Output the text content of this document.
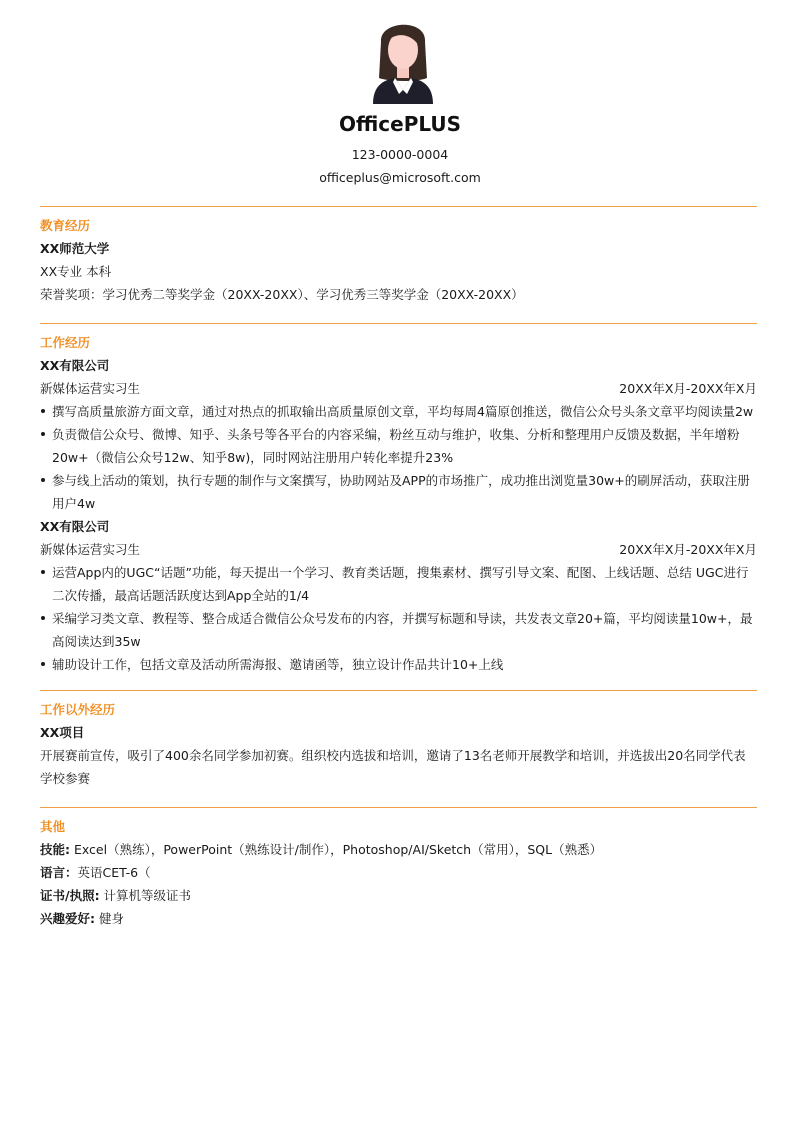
OfficePLUS
123-0000-0004
officeplus@microsoft.com
教育经历
XX师范大学
XX专业 本科
荣誉奖项：学习优秀二等奖学金（20XX-20XX）、学习优秀三等奖学金（20XX-20XX）
工作经历
XX有限公司
新媒体运营实习生	20XX年X月-20XX年X月
撰写高质量旅游方面文章，通过对热点的抓取输出高质量原创文章，平均每周4篇原创推送，微信公众号头条文章平均阅读量2w
负责微信公众号、微博、知乎、头条号等各平台的内容采编，粉丝互动与维护，收集、分析和整理用户反馈及数据，半年增粉20w+（微信公众号12w、知乎8w)，同时网站注册用户转化率提升23%
参与线上活动的策划，执行专题的制作与文案撰写，协助网站及APP的市场推广，成功推出浏览量30w+的刷屏活动，获取注册用户4w
XX有限公司
新媒体运营实习生	20XX年X月-20XX年X月
运营App内的UGC“话题”功能，每天提出一个学习、教育类话题，搜集素材、撰写引导文案、配图、上线话题、总结 UGC进行二次传播，最高话题活跃度达到App全站的1/4
采编学习类文章、教程等、整合成适合微信公众号发布的内容，并撰写标题和导读，共发表文章20+篇，平均阅读量10w+，最高阅读达到35w
辅助设计工作，包括文章及活动所需海报、邀请函等，独立设计作品共计10+上线
工作以外经历
XX项目
开展赛前宣传，吸引了400余名同学参加初赛。组织校内选拔和培训，邀请了13名老师开展教学和培训，并选拔出20名同学代表学校参赛
其他
技能: Excel（熟练），PowerPoint（熟练设计/制作），Photoshop/AI/Sketch（常用），SQL（熟悉）
语言：英语CET-6（
证书/执照: 计算机等级证书
兴趣爱好: 健身
